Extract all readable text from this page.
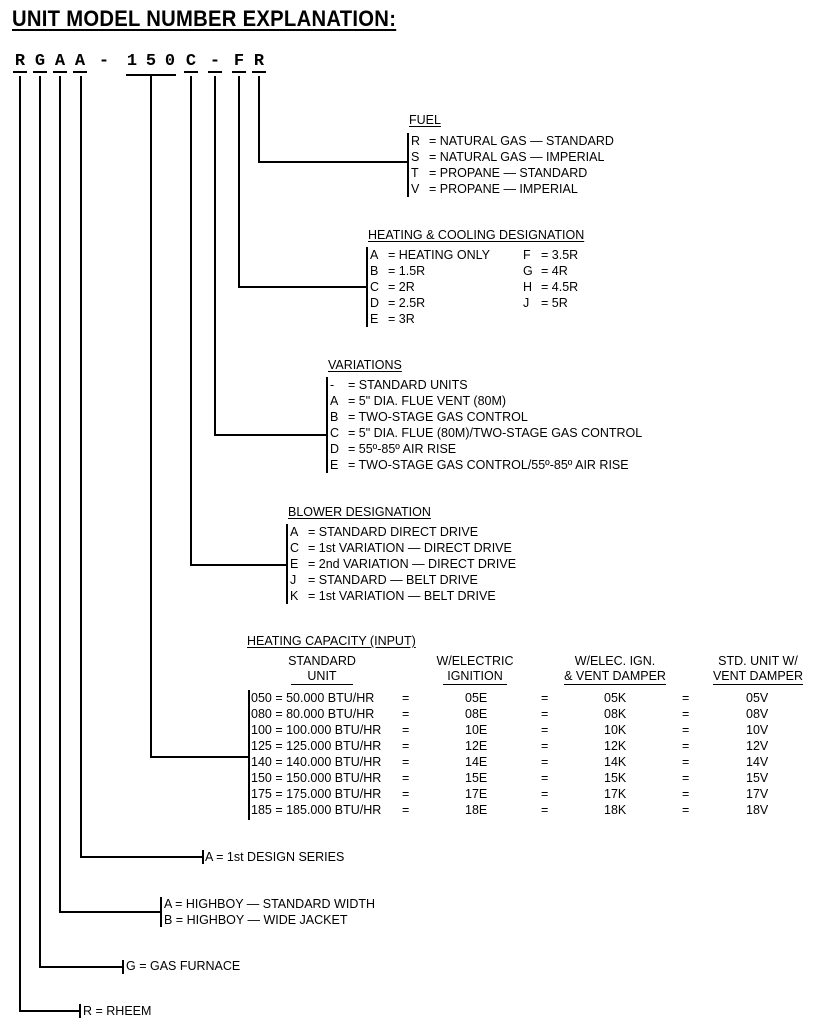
UNIT MODEL NUMBER EXPLANATION:
R G A A - 1 5 0 C - F R
FUEL
R = NATURAL GAS — STANDARD
S = NATURAL GAS — IMPERIAL
T = PROPANE — STANDARD
V = PROPANE — IMPERIAL
HEATING & COOLING DESIGNATION
A = HEATING ONLY
B = 1.5R
C = 2R
D = 2.5R
E = 3R
F = 3.5R
G = 4R
H = 4.5R
J = 5R
VARIATIONS
- = STANDARD UNITS
A = 5" DIA. FLUE VENT (80M)
B = TWO-STAGE GAS CONTROL
C = 5" DIA. FLUE (80M)/TWO-STAGE GAS CONTROL
D = 55º-85º AIR RISE
E = TWO-STAGE GAS CONTROL/55º-85º AIR RISE
BLOWER DESIGNATION
A = STANDARD DIRECT DRIVE
C = 1st VARIATION — DIRECT DRIVE
E = 2nd VARIATION — DIRECT DRIVE
J = STANDARD — BELT DRIVE
K = 1st VARIATION — BELT DRIVE
HEATING CAPACITY (INPUT)
STANDARD
UNIT
W/ELECTRIC
IGNITION
W/ELEC. IGN.
& VENT DAMPER
STD. UNIT W/
VENT DAMPER
050 = 50.000 BTU/HR =	05E	=	05K	=	05V
080 = 80.000 BTU/HR =	08E	=	08K	=	08V
100 = 100.000 BTU/HR =	10E	=	10K	=	10V
125 = 125.000 BTU/HR =	12E	=	12K	=	12V
140 = 140.000 BTU/HR =	14E	=	14K	=	14V
150 = 150.000 BTU/HR =	15E	=	15K	=	15V
175 = 175.000 BTU/HR =	17E	=	17K	=	17V
185 = 185.000 BTU/HR =	18E	=	18K	=	18V
A = 1st DESIGN SERIES
A = HIGHBOY — STANDARD WIDTH
B = HIGHBOY — WIDE JACKET
G = GAS FURNACE
R = RHEEM
